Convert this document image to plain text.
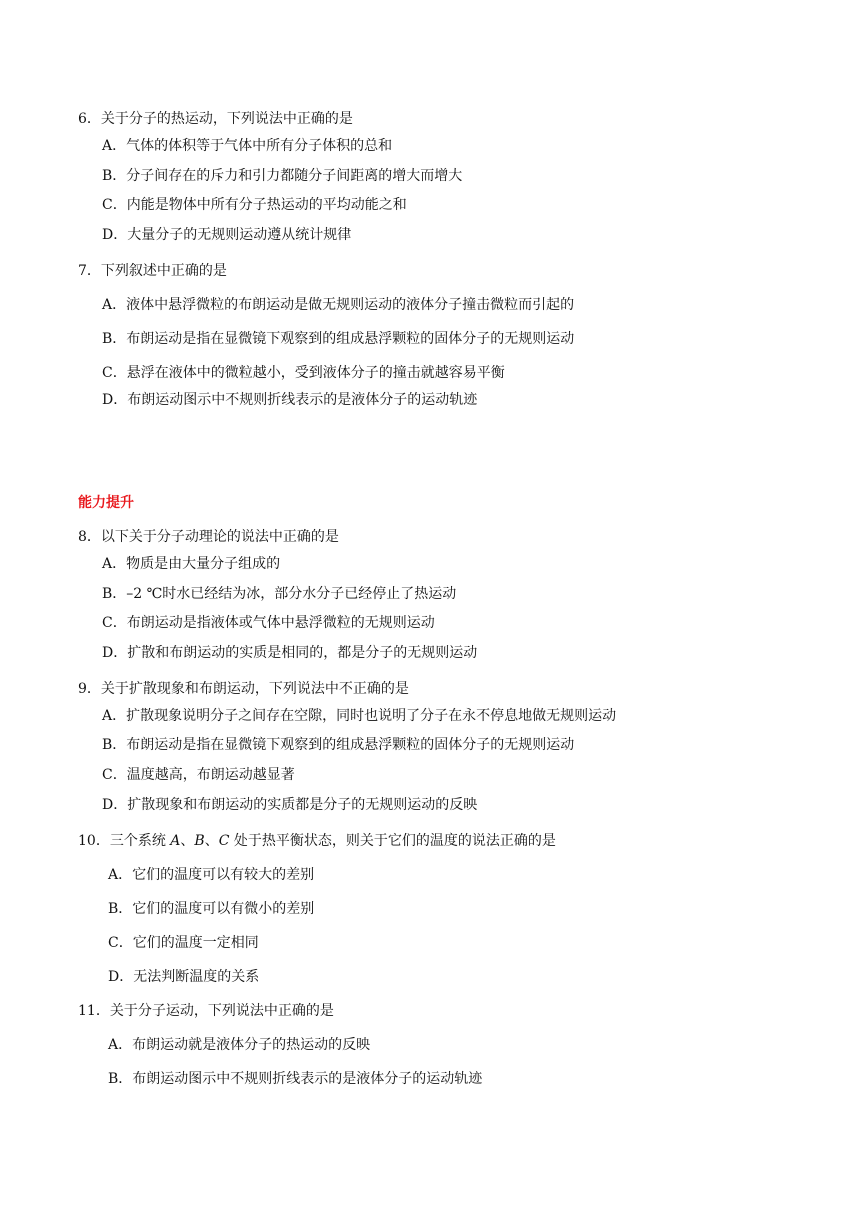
6．关于分子的热运动，下列说法中正确的是
A．气体的体积等于气体中所有分子体积的总和
B．分子间存在的斥力和引力都随分子间距离的增大而增大
C．内能是物体中所有分子热运动的平均动能之和
D．大量分子的无规则运动遵从统计规律
7．下列叙述中正确的是
A．液体中悬浮微粒的布朗运动是做无规则运动的液体分子撞击微粒而引起的
B．布朗运动是指在显微镜下观察到的组成悬浮颗粒的固体分子的无规则运动
C．悬浮在液体中的微粒越小，受到液体分子的撞击就越容易平衡
D．布朗运动图示中不规则折线表示的是液体分子的运动轨迹
能力提升
8．以下关于分子动理论的说法中正确的是
A．物质是由大量分子组成的
B．–2 ℃时水已经结为冰，部分水分子已经停止了热运动
C．布朗运动是指液体或气体中悬浮微粒的无规则运动
D．扩散和布朗运动的实质是相同的，都是分子的无规则运动
9．关于扩散现象和布朗运动，下列说法中不正确的是
A．扩散现象说明分子之间存在空隙，同时也说明了分子在永不停息地做无规则运动
B．布朗运动是指在显微镜下观察到的组成悬浮颗粒的固体分子的无规则运动
C．温度越高，布朗运动越显著
D．扩散现象和布朗运动的实质都是分子的无规则运动的反映
10．三个系统 A、B、C 处于热平衡状态，则关于它们的温度的说法正确的是
A．它们的温度可以有较大的差别
B．它们的温度可以有微小的差别
C．它们的温度一定相同
D．无法判断温度的关系
11．关于分子运动，下列说法中正确的是
A．布朗运动就是液体分子的热运动的反映
B．布朗运动图示中不规则折线表示的是液体分子的运动轨迹
